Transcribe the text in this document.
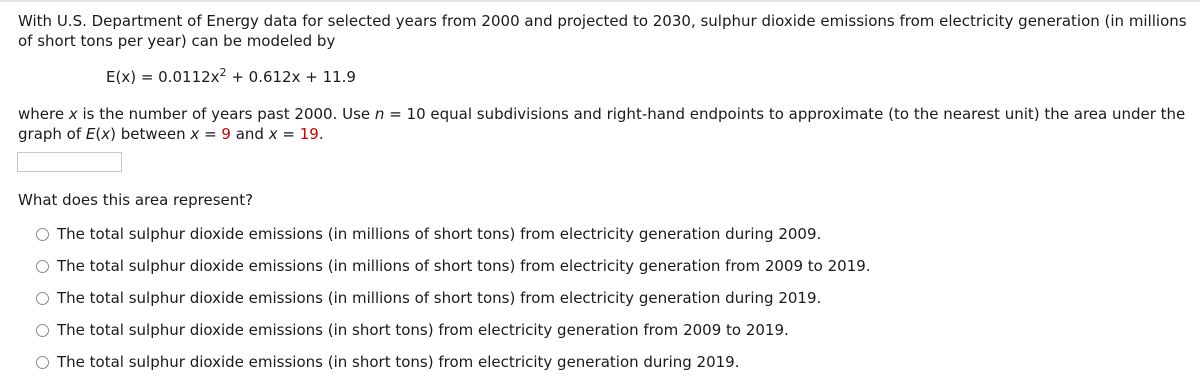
With U.S. Department of Energy data for selected years from 2000 and projected to 2030, sulphur dioxide emissions from electricity generation (in millions of short tons per year) can be modeled by

$E(x) = 0.0112x^2 + 0.612x + 11.9$

where x is the number of years past 2000. Use n = 10 equal subdivisions and right-hand endpoints to approximate (to the nearest unit) the area under the graph of E(x) between x = 9 and x = 19.

What does this area represent?

The total sulphur dioxide emissions (in millions of short tons) from electricity generation during 2009.
The total sulphur dioxide emissions (in millions of short tons) from electricity generation from 2009 to 2019.
The total sulphur dioxide emissions (in millions of short tons) from electricity generation during 2019.
The total sulphur dioxide emissions (in short tons) from electricity generation from 2009 to 2019.
The total sulphur dioxide emissions (in short tons) from electricity generation during 2019.
